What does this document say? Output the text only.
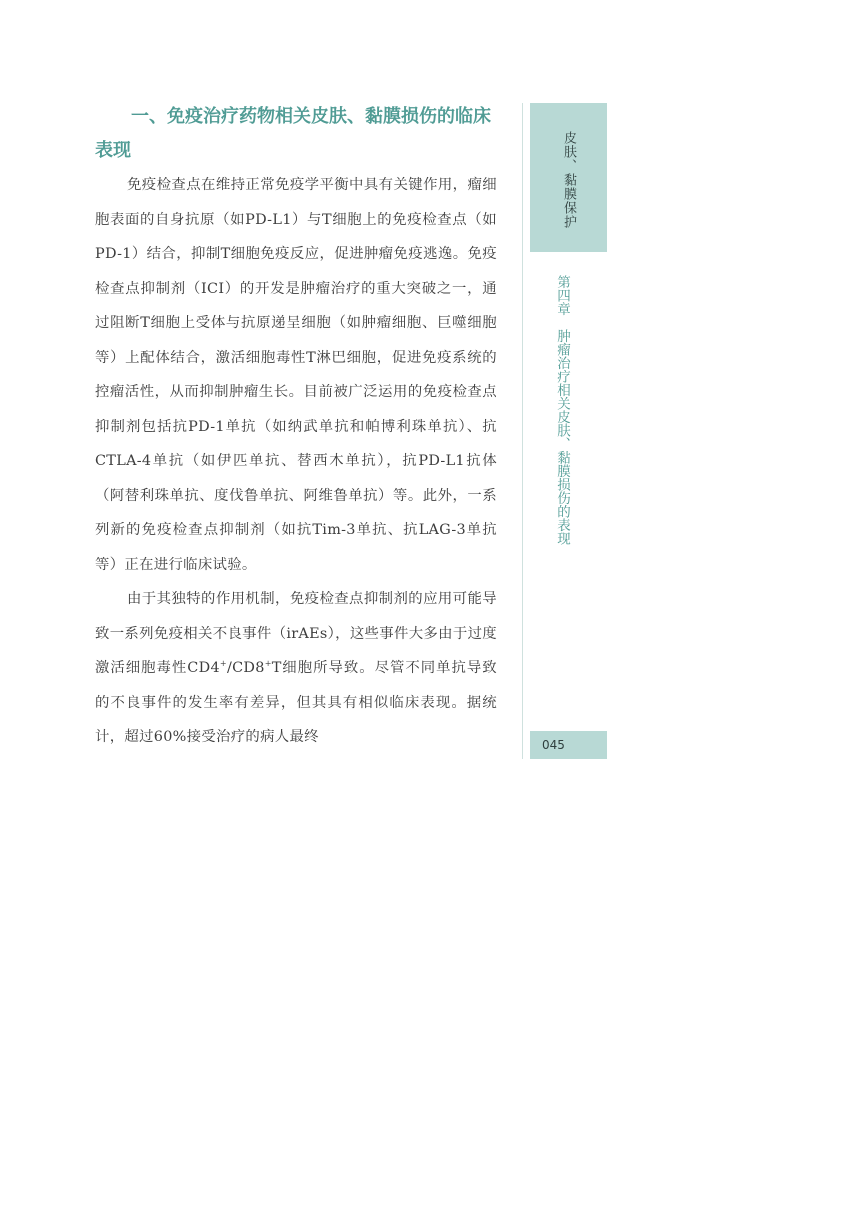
一、免疫治疗药物相关皮肤、黏膜损伤的临床表现

免疫检查点在维持正常免疫学平衡中具有关键作用，瘤细胞表面的自身抗原（如PD-L1）与T细胞上的免疫检查点（如PD-1）结合，抑制T细胞免疫反应，促进肿瘤免疫逃逸。免疫检查点抑制剂（ICI）的开发是肿瘤治疗的重大突破之一，通过阻断T细胞上受体与抗原递呈细胞（如肿瘤细胞、巨噬细胞等）上配体结合，激活细胞毒性T淋巴细胞，促进免疫系统的控瘤活性，从而抑制肿瘤生长。目前被广泛运用的免疫检查点抑制剂包括抗PD-1单抗（如纳武单抗和帕博利珠单抗）、抗CTLA-4单抗（如伊匹单抗、替西木单抗），抗PD-L1抗体（阿替利珠单抗、度伐鲁单抗、阿维鲁单抗）等。此外，一系列新的免疫检查点抑制剂（如抗Tim-3单抗、抗LAG-3单抗等）正在进行临床试验。

由于其独特的作用机制，免疫检查点抑制剂的应用可能导致一系列免疫相关不良事件（irAEs），这些事件大多由于过度激活细胞毒性CD4+/CD8+T细胞所导致。尽管不同单抗导致的不良事件的发生率有差异，但其具有相似临床表现。据统计，超过60%接受治疗的病人最终

皮肤、黏膜保护
第四章　肿瘤治疗相关皮肤、黏膜损伤的表现
045
